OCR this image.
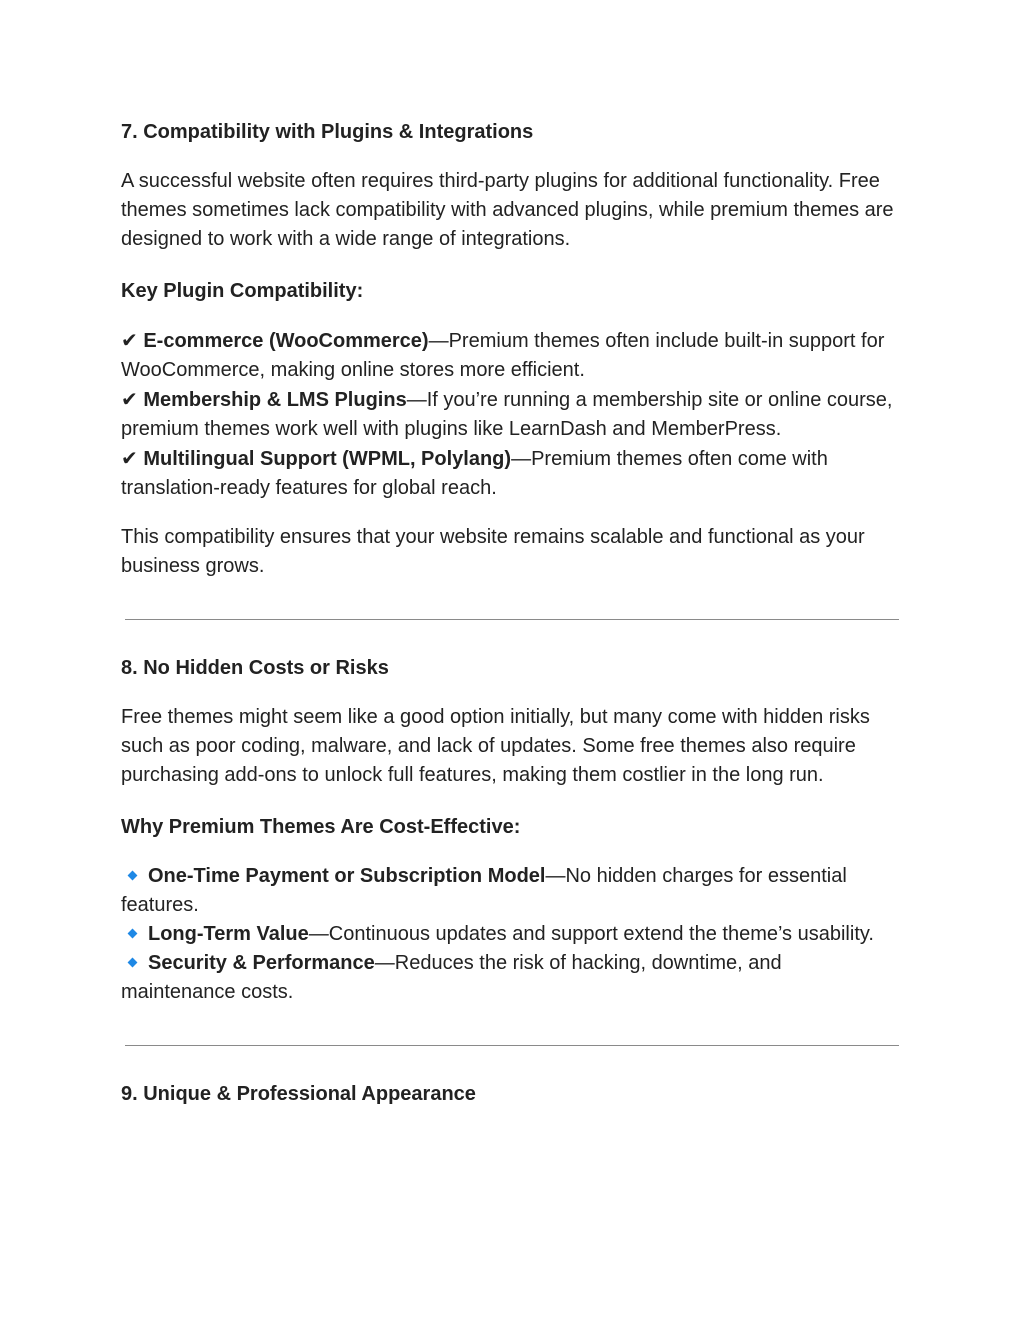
7. Compatibility with Plugins & Integrations

A successful website often requires third-party plugins for additional functionality. Free themes sometimes lack compatibility with advanced plugins, while premium themes are designed to work with a wide range of integrations.

Key Plugin Compatibility:

✔ E-commerce (WooCommerce)—Premium themes often include built-in support for WooCommerce, making online stores more efficient.
✔ Membership & LMS Plugins—If you’re running a membership site or online course, premium themes work well with plugins like LearnDash and MemberPress.
✔ Multilingual Support (WPML, Polylang)—Premium themes often come with translation-ready features for global reach.

This compatibility ensures that your website remains scalable and functional as your business grows.

8. No Hidden Costs or Risks

Free themes might seem like a good option initially, but many come with hidden risks such as poor coding, malware, and lack of updates. Some free themes also require purchasing add-ons to unlock full features, making them costlier in the long run.

Why Premium Themes Are Cost-Effective:

One-Time Payment or Subscription Model—No hidden charges for essential features.
Long-Term Value—Continuous updates and support extend the theme’s usability.
Security & Performance—Reduces the risk of hacking, downtime, and maintenance costs.

9. Unique & Professional Appearance
